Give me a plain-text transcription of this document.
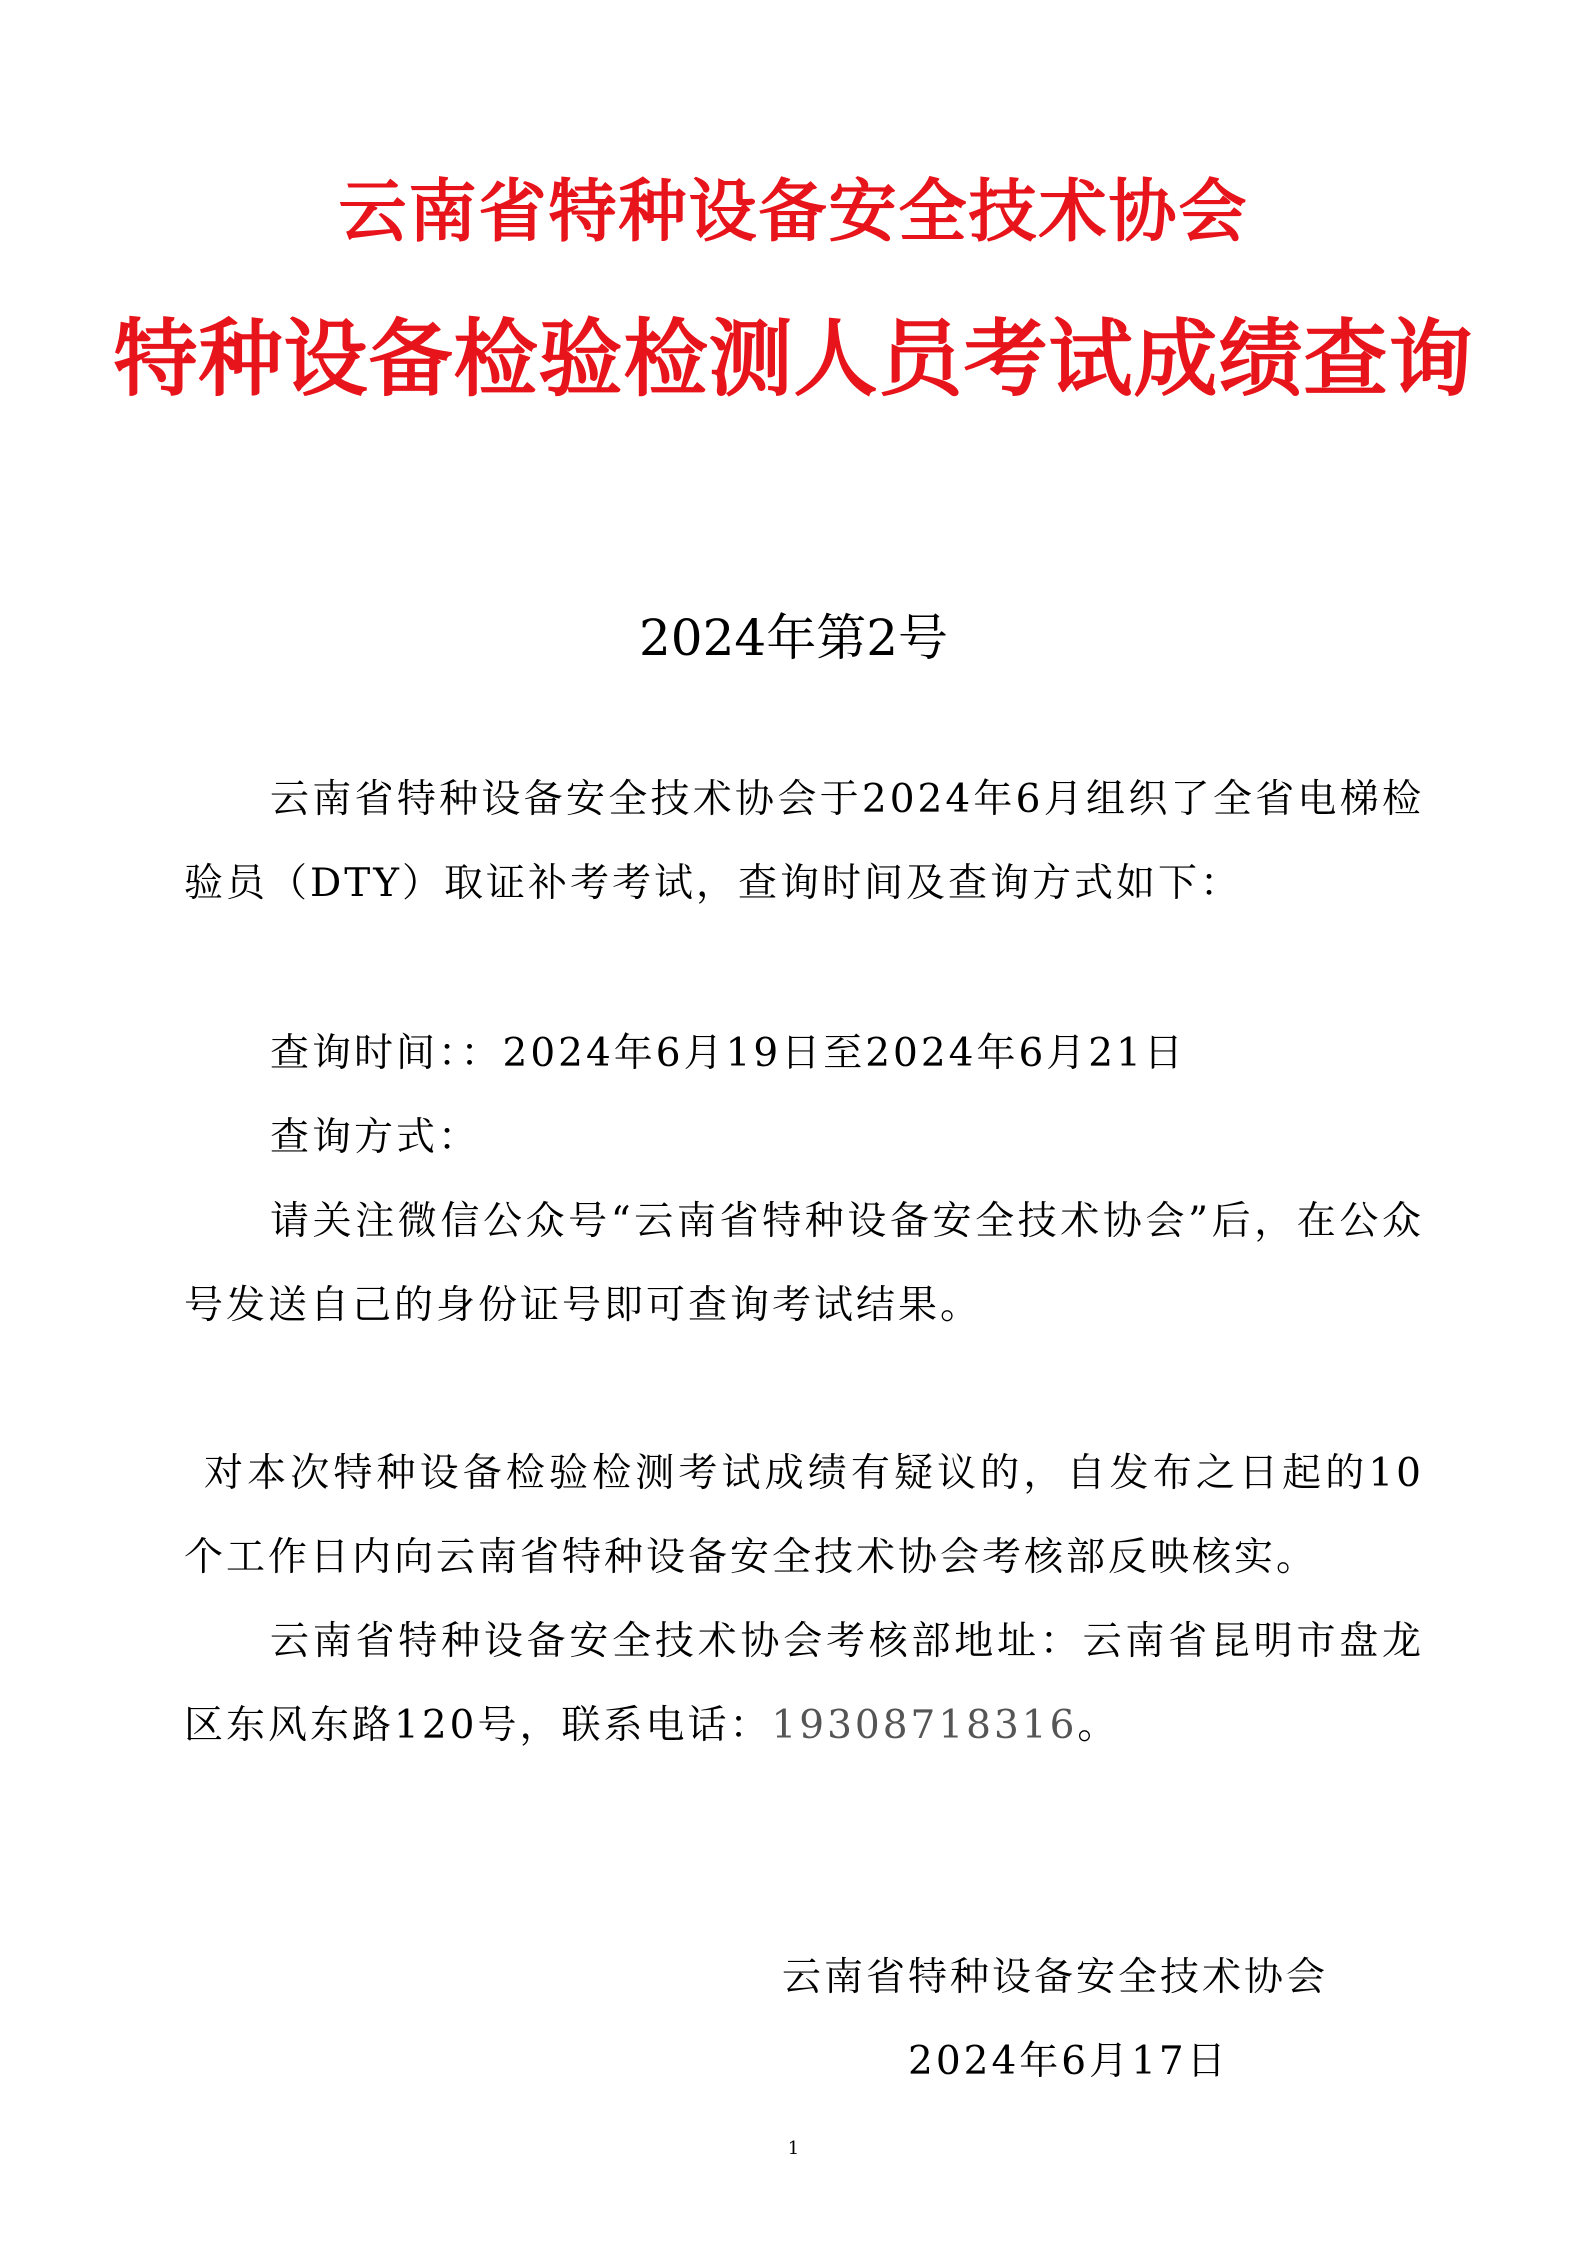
云南省特种设备安全技术协会
特种设备检验检测人员考试成绩查询
2024年第2号

云南省特种设备安全技术协会于2024年6月组织了全省电梯检验员（DTY）取证补考考试，查询时间及查询方式如下：

查询时间：：2024年6月19日至2024年6月21日

查询方式：

请关注微信公众号“云南省特种设备安全技术协会”后，在公众号发送自己的身份证号即可查询考试结果。

对本次特种设备检验检测考试成绩有疑议的，自发布之日起的10个工作日内向云南省特种设备安全技术协会考核部反映核实。

云南省特种设备安全技术协会考核部地址：云南省昆明市盘龙区东风东路120号，联系电话：19308718316。

云南省特种设备安全技术协会
2024年6月17日
1
